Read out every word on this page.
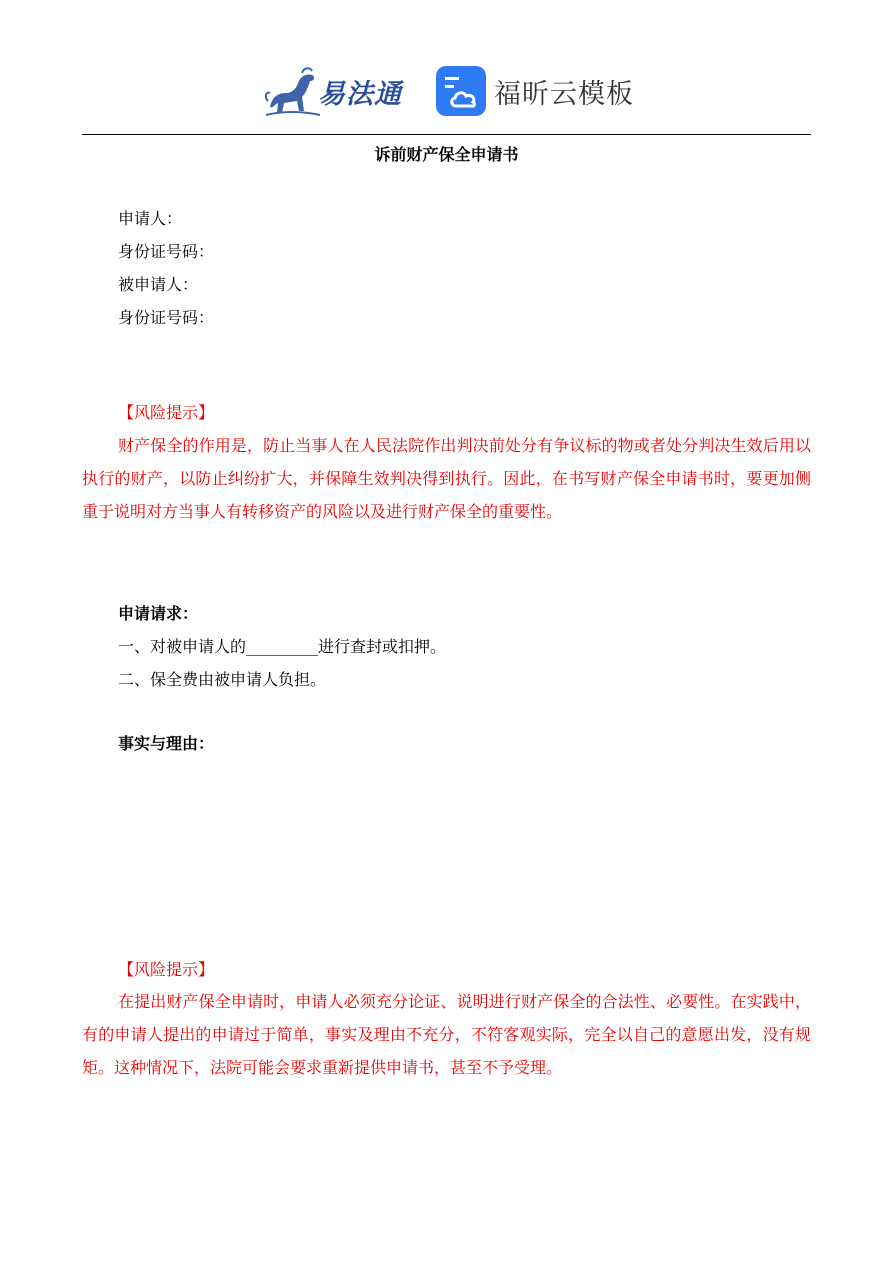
易法通	福昕云模板
诉前财产保全申请书
申请人：
身份证号码：
被申请人：
身份证号码：
【风险提示】

财产保全的作用是，防止当事人在人民法院作出判决前处分有争议标的物或者处分判决生效后用以执行的财产，以防止纠纷扩大，并保障生效判决得到执行。因此，在书写财产保全申请书时，要更加侧重于说明对方当事人有转移资产的风险以及进行财产保全的重要性。

申请请求：
一、对被申请人的_________进行查封或扣押。
二、保全费由被申请人负担。
事实与理由：
【风险提示】

在提出财产保全申请时，申请人必须充分论证、说明进行财产保全的合法性、必要性。在实践中，有的申请人提出的申请过于简单，事实及理由不充分，不符客观实际，完全以自己的意愿出发，没有规矩。这种情况下，法院可能会要求重新提供申请书，甚至不予受理。
